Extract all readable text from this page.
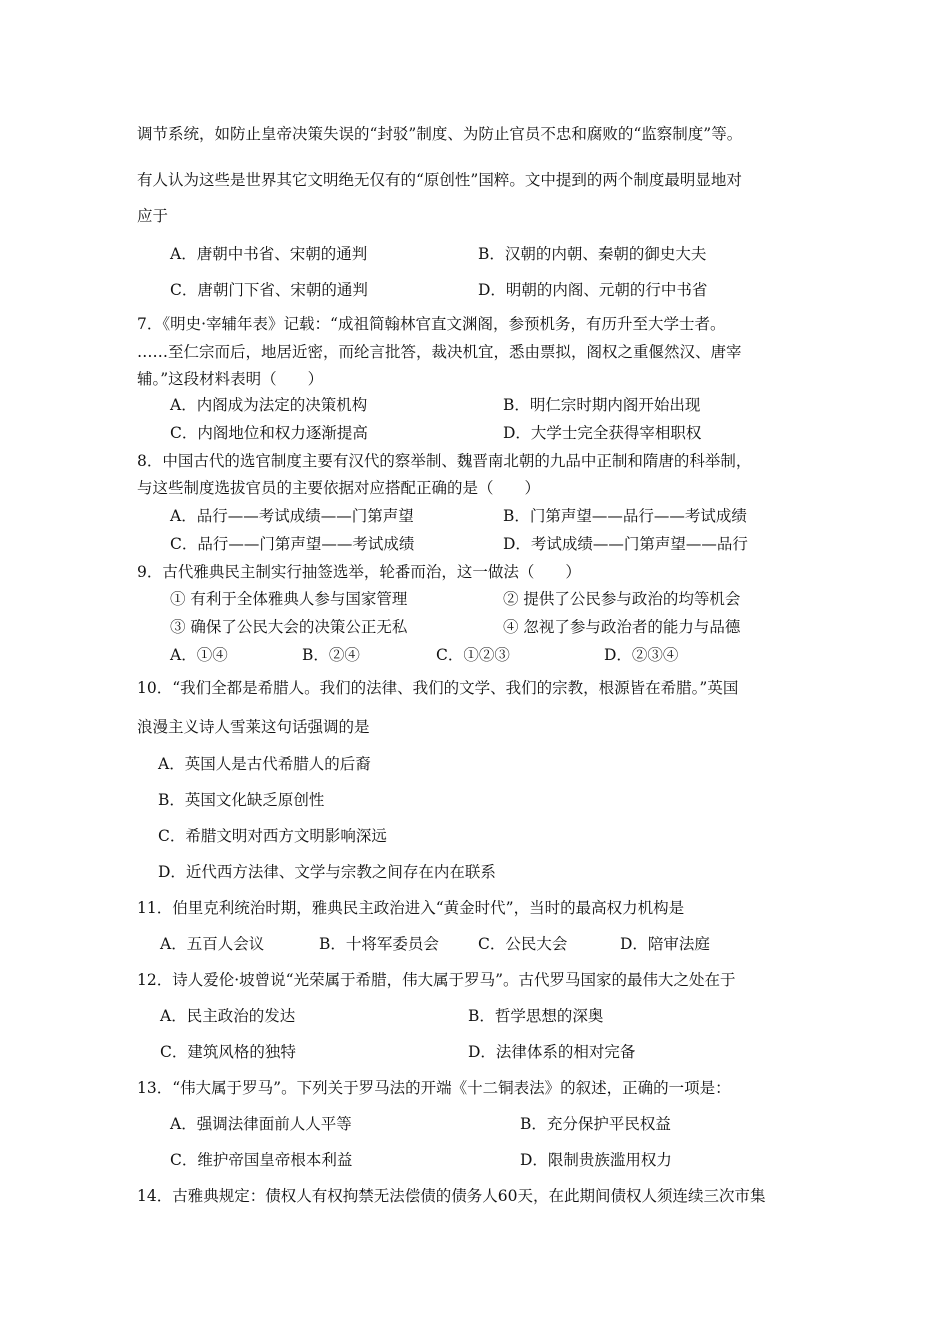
调节系统，如防止皇帝决策失误的“封驳”制度、为防止官员不忠和腐败的“监察制度”等。
有人认为这些是世界其它文明绝无仅有的“原创性”国粹。文中提到的两个制度最明显地对
应于
A．唐朝中书省、宋朝的通判	B．汉朝的内朝、秦朝的御史大夫
C．唐朝门下省、宋朝的通判	D．明朝的内阁、元朝的行中书省
7．《明史·宰辅年表》记载：“成祖简翰林官直文渊阁，参预机务，有历升至大学士者。
……至仁宗而后，地居近密，而纶言批答，裁决机宜，悉由票拟，阁权之重偃然汉、唐宰
辅。”这段材料表明（　　）
A．内阁成为法定的决策机构	B．明仁宗时期内阁开始出现
C．内阁地位和权力逐渐提高	D．大学士完全获得宰相职权
8．中国古代的选官制度主要有汉代的察举制、魏晋南北朝的九品中正制和隋唐的科举制，
与这些制度选拔官员的主要依据对应搭配正确的是（　　）
A．品行——考试成绩——门第声望	B．门第声望——品行——考试成绩
C．品行——门第声望——考试成绩	D．考试成绩——门第声望——品行
9．古代雅典民主制实行抽签选举，轮番而治，这一做法（　　）
① 有利于全体雅典人参与国家管理	② 提供了公民参与政治的均等机会
③ 确保了公民大会的决策公正无私	④ 忽视了参与政治者的能力与品德
A．①④	B．②④	C．①②③	D．②③④
10．“我们全都是希腊人。我们的法律、我们的文学、我们的宗教，根源皆在希腊。”英国
浪漫主义诗人雪莱这句话强调的是
A．英国人是古代希腊人的后裔
B．英国文化缺乏原创性
C．希腊文明对西方文明影响深远
D．近代西方法律、文学与宗教之间存在内在联系
11．伯里克利统治时期，雅典民主政治进入“黄金时代”，当时的最高权力机构是
A．五百人会议	B．十将军委员会	C．公民大会	D．陪审法庭
12．诗人爱伦·坡曾说“光荣属于希腊，伟大属于罗马”。古代罗马国家的最伟大之处在于
A．民主政治的发达	B．哲学思想的深奥
C．建筑风格的独特	D．法律体系的相对完备
13．“伟大属于罗马”。下列关于罗马法的开端《十二铜表法》的叙述，正确的一项是：
A．强调法律面前人人平等	B．充分保护平民权益
C．维护帝国皇帝根本利益	D．限制贵族滥用权力
14．古雅典规定：债权人有权拘禁无法偿债的债务人60天，在此期间债权人须连续三次市集
